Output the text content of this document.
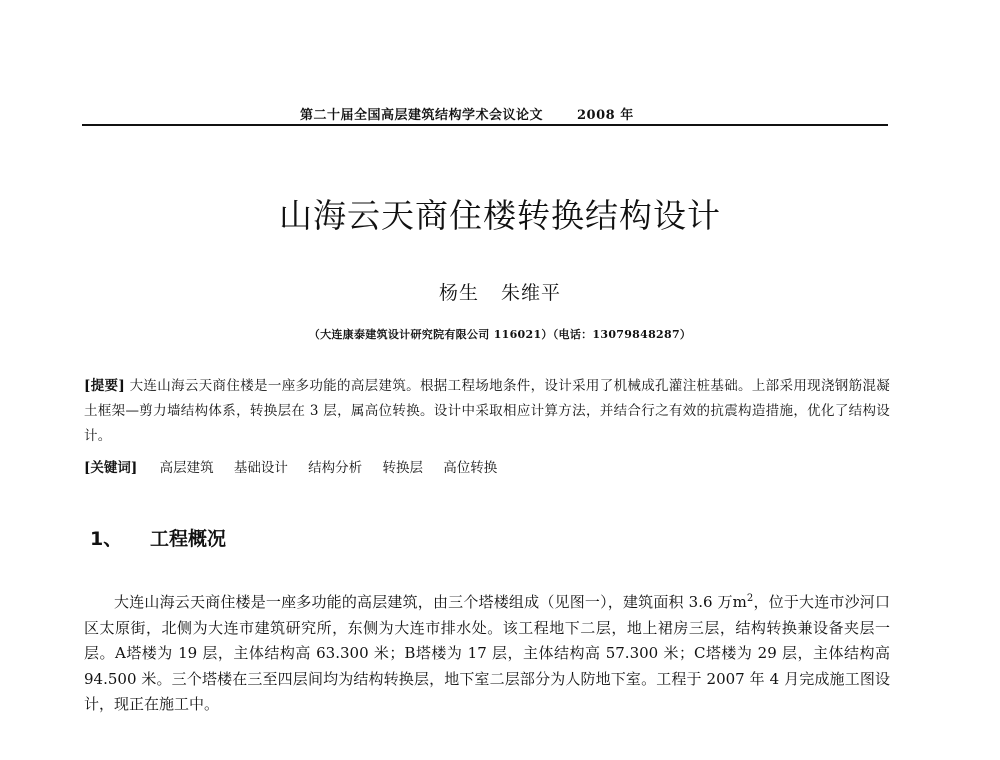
第二十届全国高层建筑结构学术会议论文	2008 年
山海云天商住楼转换结构设计
杨生 朱维平
（大连康泰建筑设计研究院有限公司 116021）（电话：13079848287）
[提要] 大连山海云天商住楼是一座多功能的高层建筑。根据工程场地条件，设计采用了机械成孔灌注桩基础。上部采用现浇钢筋混凝土框架—剪力墙结构体系，转换层在 3 层，属高位转换。设计中采取相应计算方法，并结合行之有效的抗震构造措施，优化了结构设计。
[关键词] 高层建筑 基础设计 结构分析 转换层 高位转换
1、 工程概况

大连山海云天商住楼是一座多功能的高层建筑，由三个塔楼组成（见图一），建筑面积 3.6 万$m^2$，位于大连市沙河口区太原街，北侧为大连市建筑研究所，东侧为大连市排水处。该工程地下二层，地上裙房三层，结构转换兼设备夹层一层。A塔楼为 19 层，主体结构高 63.300 米；B塔楼为 17 层，主体结构高 57.300 米；C塔楼为 29 层，主体结构高 94.500 米。三个塔楼在三至四层间均为结构转换层，地下室二层部分为人防地下室。工程于 2007 年 4 月完成施工图设计，现正在施工中。
